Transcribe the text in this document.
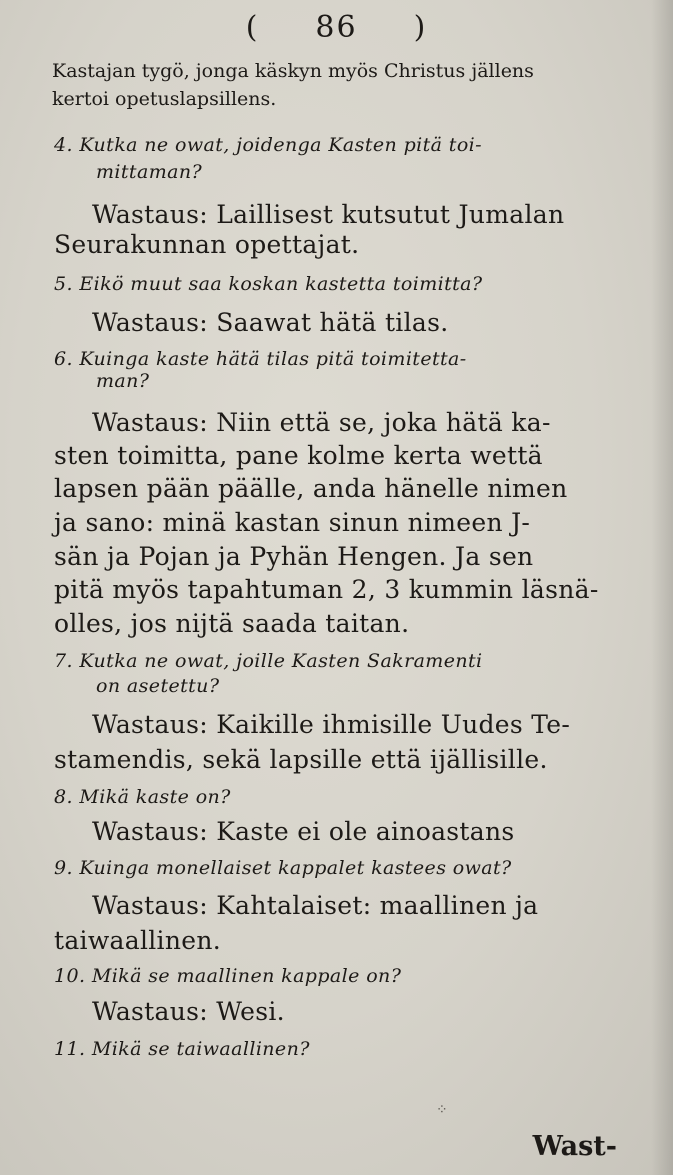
( 86 )
Kastajan tygö, jonga käskyn myös Christus jällens
kertoi opetuslapsillens.
4. Kutka ne owat, joidenga Kasten pitä toi-
mittaman?
Wastaus: Laillisest kutsutut Jumalan
Seurakunnan opettajat.
5. Eikö muut saa koskan kastetta toimitta?
Wastaus: Saawat hätä tilas.
6. Kuinga kaste hätä tilas pitä toimitetta-
man?
Wastaus: Niin että se, joka hätä ka-
sten toimitta, pane kolme kerta wettä
lapsen pään päälle, anda hänelle nimen
ja sano: minä kastan sinun nimeen J-
sän ja Pojan ja Pyhän Hengen. Ja sen
pitä myös tapahtuman 2, 3 kummin läsnä-
olles, jos nijtä saada taitan.
7. Kutka ne owat, joille Kasten Sakramenti
on asetettu?
Wastaus: Kaikille ihmisille Uudes Te-
stamendis, sekä lapsille että ijällisille.
8. Mikä kaste on?
Wastaus: Kaste ei ole ainoastans
9. Kuinga monellaiset kappalet kastees owat?
Wastaus: Kahtalaiset: maallinen ja
taiwaallinen.
10. Mikä se maallinen kappale on?
Wastaus: Wesi.
11. Mikä se taiwaallinen?
Wast-
⁘
